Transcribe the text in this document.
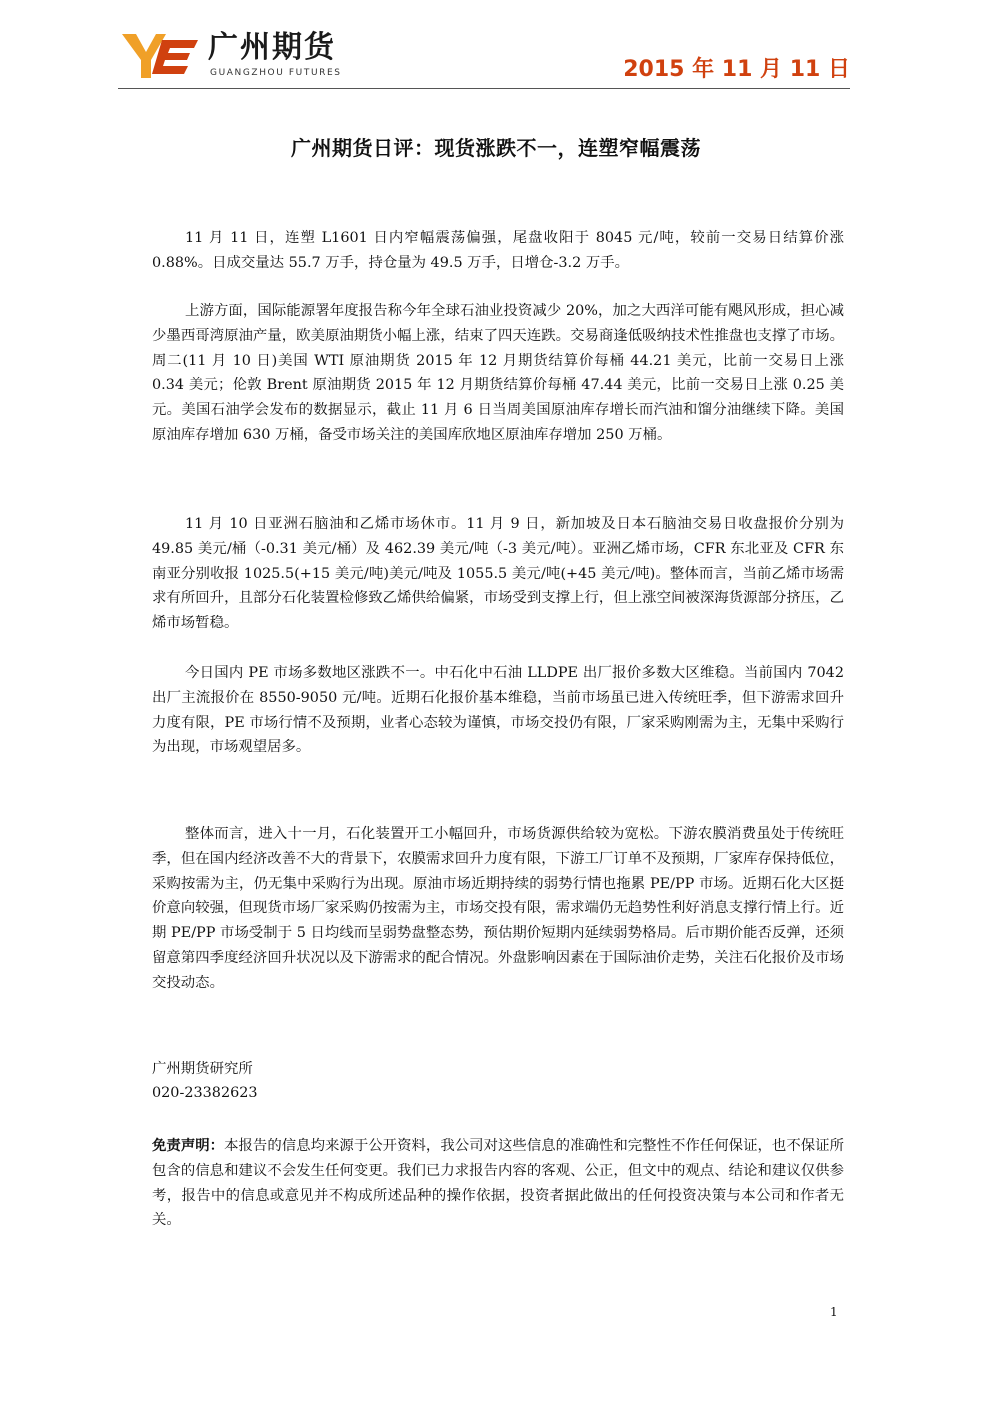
广州期货
GUANGZHOU FUTURES	2015 年 11 月 11 日
广州期货日评：现货涨跌不一，连塑窄幅震荡

11 月 11 日，连塑 L1601 日内窄幅震荡偏强，尾盘收阳于 8045 元/吨，较前一交易日结算价涨 0.88%。日成交量达 55.7 万手，持仓量为 49.5 万手，日增仓-3.2 万手。

上游方面，国际能源署年度报告称今年全球石油业投资减少 20%，加之大西洋可能有飓风形成，担心减少墨西哥湾原油产量，欧美原油期货小幅上涨，结束了四天连跌。交易商逢低吸纳技术性推盘也支撑了市场。周二(11 月 10 日)美国 WTI 原油期货 2015 年 12 月期货结算价每桶 44.21 美元，比前一交易日上涨 0.34 美元；伦敦 Brent 原油期货 2015 年 12 月期货结算价每桶 47.44 美元，比前一交易日上涨 0.25 美元。美国石油学会发布的数据显示，截止 11 月 6 日当周美国原油库存增长而汽油和馏分油继续下降。美国原油库存增加 630 万桶，备受市场关注的美国库欣地区原油库存增加 250 万桶。

11 月 10 日亚洲石脑油和乙烯市场休市。11 月 9 日，新加坡及日本石脑油交易日收盘报价分别为 49.85 美元/桶（-0.31 美元/桶）及 462.39 美元/吨（-3 美元/吨）。亚洲乙烯市场，CFR 东北亚及 CFR 东南亚分别收报 1025.5(+15 美元/吨)美元/吨及 1055.5 美元/吨(+45 美元/吨)。整体而言，当前乙烯市场需求有所回升，且部分石化装置检修致乙烯供给偏紧，市场受到支撑上行，但上涨空间被深海货源部分挤压，乙烯市场暂稳。

今日国内 PE 市场多数地区涨跌不一。中石化中石油 LLDPE 出厂报价多数大区维稳。当前国内 7042 出厂主流报价在 8550-9050 元/吨。近期石化报价基本维稳，当前市场虽已进入传统旺季，但下游需求回升力度有限，PE 市场行情不及预期，业者心态较为谨慎，市场交投仍有限，厂家采购刚需为主，无集中采购行为出现，市场观望居多。

整体而言，进入十一月，石化装置开工小幅回升，市场货源供给较为宽松。下游农膜消费虽处于传统旺季，但在国内经济改善不大的背景下，农膜需求回升力度有限，下游工厂订单不及预期，厂家库存保持低位，采购按需为主，仍无集中采购行为出现。原油市场近期持续的弱势行情也拖累 PE/PP 市场。近期石化大区挺价意向较强，但现货市场厂家采购仍按需为主，市场交投有限，需求端仍无趋势性利好消息支撑行情上行。近期 PE/PP 市场受制于 5 日均线而呈弱势盘整态势，预估期价短期内延续弱势格局。后市期价能否反弹，还须留意第四季度经济回升状况以及下游需求的配合情况。外盘影响因素在于国际油价走势，关注石化报价及市场交投动态。

广州期货研究所
020-23382623

免责声明：本报告的信息均来源于公开资料，我公司对这些信息的准确性和完整性不作任何保证，也不保证所包含的信息和建议不会发生任何变更。我们已力求报告内容的客观、公正，但文中的观点、结论和建议仅供参考，报告中的信息或意见并不构成所述品种的操作依据，投资者据此做出的任何投资决策与本公司和作者无关。

1
